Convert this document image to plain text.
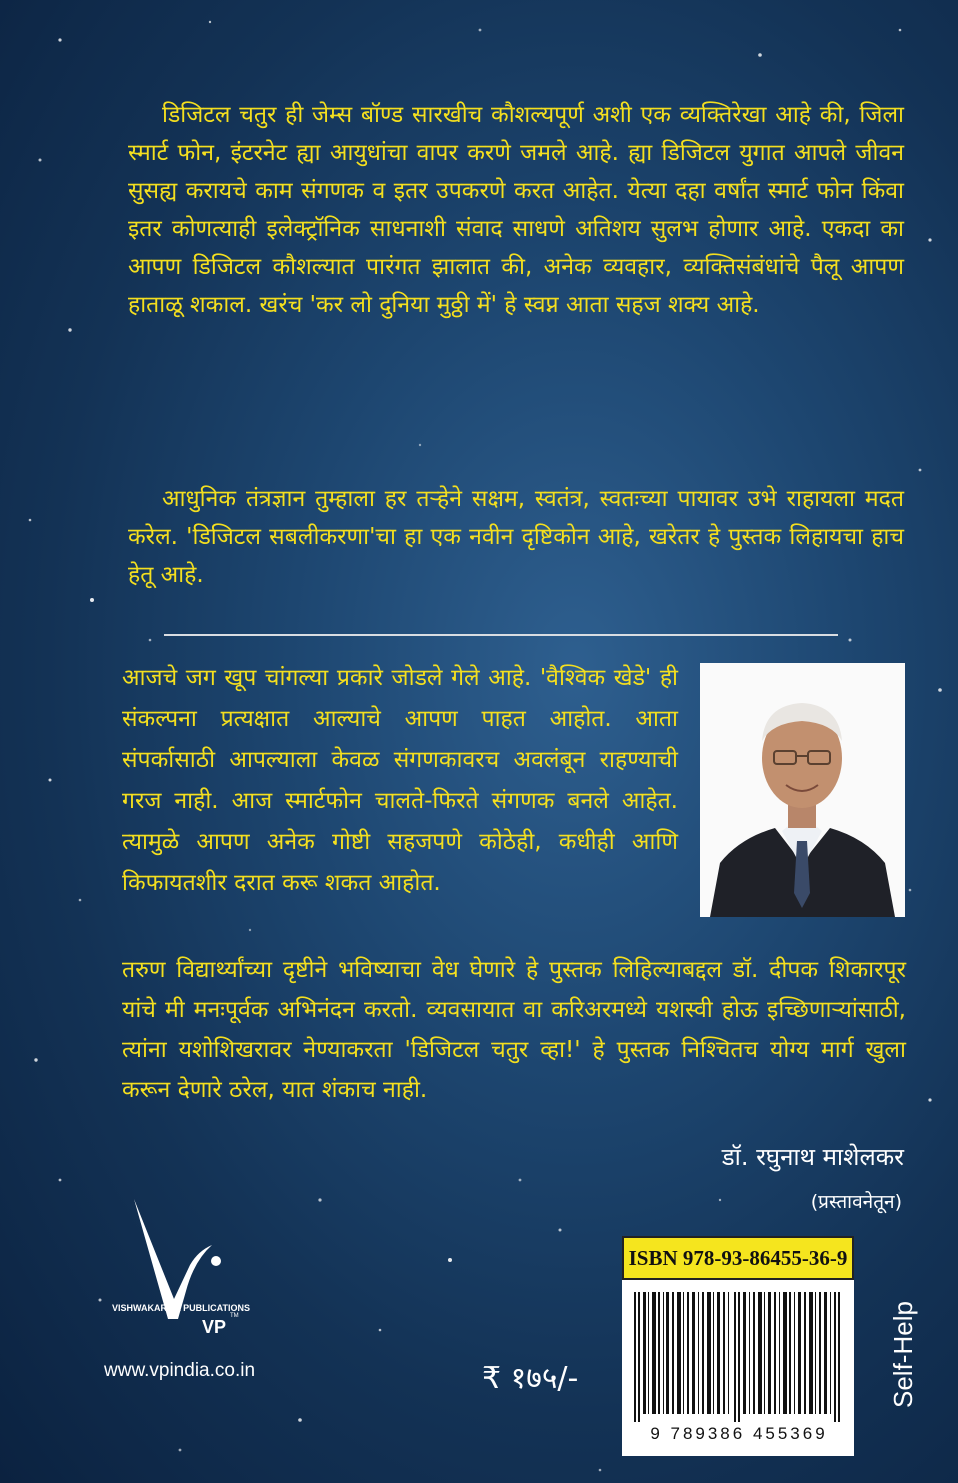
डिजिटल चतुर ही जेम्स बॉण्ड सारखीच कौशल्यपूर्ण अशी एक व्यक्तिरेखा आहे की, जिला स्मार्ट फोन, इंटरनेट ह्या आयुधांचा वापर करणे जमले आहे. ह्या डिजिटल युगात आपले जीवन सुसह्य करायचे काम संगणक व इतर उपकरणे करत आहेत. येत्या दहा वर्षांत स्मार्ट फोन किंवा इतर कोणत्याही इलेक्ट्रॉनिक साधनाशी संवाद साधणे अतिशय सुलभ होणार आहे. एकदा का आपण डिजिटल कौशल्यात पारंगत झालात की, अनेक व्यवहार, व्यक्तिसंबंधांचे पैलू आपण हाताळू शकाल. खरंच 'कर लो दुनिया मुठ्ठी में' हे स्वप्न आता सहज शक्य आहे.

आधुनिक तंत्रज्ञान तुम्हाला हर तऱ्हेने सक्षम, स्वतंत्र, स्वतःच्या पायावर उभे राहायला मदत करेल. 'डिजिटल सबलीकरणा'चा हा एक नवीन दृष्टिकोन आहे, खरेतर हे पुस्तक लिहायचा हाच हेतू आहे.

आजचे जग खूप चांगल्या प्रकारे जोडले गेले आहे. 'वैश्विक खेडे' ही संकल्पना प्रत्यक्षात आल्याचे आपण पाहत आहोत. आता संपर्कासाठी आपल्याला केवळ संगणकावरच अवलंबून राहण्याची गरज नाही. आज स्मार्टफोन चालते-फिरते संगणक बनले आहेत. त्यामुळे आपण अनेक गोष्टी सहजपणे कोठेही, कधीही आणि किफायतशीर दरात करू शकत आहोत.

तरुण विद्यार्थ्यांच्या दृष्टीने भविष्याचा वेध घेणारे हे पुस्तक लिहिल्याबद्दल डॉ. दीपक शिकारपूर यांचे मी मनःपूर्वक अभिनंदन करतो. व्यवसायात वा करिअरमध्ये यशस्वी होऊ इच्छिणाऱ्यांसाठी, त्यांना यशोशिखरावर नेण्याकरता 'डिजिटल चतुर व्हा!' हे पुस्तक निश्चितच योग्य मार्ग खुला करून देणारे ठरेल, यात शंकाच नाही.

डॉ. रघुनाथ माशेलकर
(प्रस्तावनेतून)
VISHWAKARMA PUBLICATIONS
VP
TM
www.vpindia.co.in	₹ १७५/-
ISBN 978-93-86455-36-9
9 789386 455369
Self-Help
